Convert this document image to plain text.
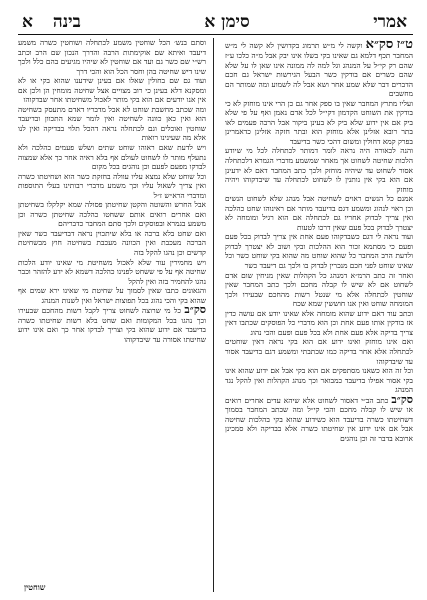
אמרי
סימן א
בינה א

ט״ז סק״א וקשה לי מ״ש תרמוג בקדושין לא קשה לי מ״ש המחבר תכף דלמא גם שאינו בקי בשלו אינו יבק אבל מ״ה כלכו ע״ז שהם רק קי״ל על המנהג וגל למה לה ממונה אינו שאן לו על שלא שהם כשרים אם בודקין כשר הבעל הגירשות ישראל גם חכם הדברים דבר שלא שמע אחר ושא אבל לה לשמוע ומה שמותר הם מחשבים

ועליו מתרץ המחבר שאין בו ספק אחר גם כן הרי אינו מוחזק לא כי בודקין את השוחט הקדמון דקי״ל לכל אדם נאמן ואף על פי שלא ביק אם אין ידוע שלא ביק לא בעינן ביקור אבל הרבה פעמים לאו בתר רובא אזלינן אלא מוחזק הוא ובתר חזקה אזלינן כדאמרינן בפרק קמא דחולין ומשום דהכי כשר בדיעבד

והנה לכאורה היה נראה לומר דמותר לכתחלה לכל מי שיודע הלכות שחיטה לשחוט אך מאחר שמשמע מדברי הגמרא דלכתחלה אסור לשחוט עד שיהיה מוחזק ולכך כתב המחבר דאם לא ידעינן אם הוא בקי אין נותנין לו לשחוט לכתחלה עד שיבדקוהו ויהיה מוחזק

אמנם כל הנשים ראוים לשחיטה אבל מנהג שלא לשחוט הנשים וכן ראוי לנהוג ומשמע דגם בדיעבד מותר אם ראינוהו שחט כהלכה ואין צריך לבדוק אחריו גם לכתחלה אם הוא רגיל ומומחה לא יצטרך לבדוק בכל פעם שאין דרכו לטעות

ועוד נראה לי דגם כשבדקוהו פעם אחת אין צריך לבדוק בכל פעם ופעם כי מסתמא זכור הוא ההלכות ובקי ושוב לא יצטרך לבדוק ולדעת הרב המחבר כל שהוא שוחט מה שהוא בקי שוחט כשר וכל שאינו שוחט לפני חכם מנכרין לבדוק בו ולכך גם דיעבד כשר

ואחר זה כתב הרמ״א דמנהג כל הקהלות שאין מניחין שום אדם לשחוט אם לא שיש לו קבלה מחכם ולכך כתב המחבר שאין שוחטין לכתחלה אלא מי שנטל רשות מהחכם שבעירו ולכך המומחה שוחט ואין אנו חוששין שמא שכח

וכתב עוד דאם ידוע שהוא מומחה אלא שאינו יודע אם עושה כדין אז בודקין אותו פעם אחת וכן הוא מדברי כל הפוסקים שכתבו דאין צריך בדיקה אלא פעם אחת ולא בכל פעם ופעם והכי נהוג

ואם אינו מוחזק ואינו ידוע אם הוא בקי נראה דאין שוחטים לכתחלה אלא אחר בדיקה כמו שכתבתי ומשמע דגם בדיעבד אסור עד שיבדקוהו

וכל זה הוא כשאנו מסתפקים אם הוא בקי אבל אם ידוע שהוא אינו בקי אסור אפילו בדיעבד כמבואר וכך מנהג הקהלות ואין להקל נגד המנהג

סק״ב כתב הב״י דאסור לשחוט אלא שיהא עדים אחרים רואים או שיש לו קבלה מחכם והכי קי״ל ומה שכתב המחבר בסמוך דשחיטתו כשרה בדיעבד הוא כשידוע שהוא בקי בהלכות שחיטה אבל אם אינו ידוע אין שחיטתו כשרה אלא בבדיקה ולא סמכינן ארובא בדבר זה וכן נוהגים

וסתם בנש׳ הכל שוחטין משמע לכתחלה ושוחטין כשרה משמע דיעבד ואיתא שם אוקימתות הרבה והדרך הנכון שם הרב וכתב רש״י שם כשר גם ועד אם שוחטין לא שיהיו מגיעים בהם כלל ולכך שינו דיש שחיטה בהן וחסר הכל הוא והכי דרך

ועוד גם שם בחולין שאלו אם בעינן שידענו שהוא בקי או לא ומסקנא דלא בעינן כי רוב מצויים אצל שחיטה מומחין הן ולכן אם אין אנו יודעים אם הוא בקי מותר לאכול משחיטתו אחר שבדקוהו

ומה שכתב מחשבת שוחט לא אכל מדבריו דאדם מתעסק בשחיטה הוא ואין כאן כוונה לשחיטה ואין לומר שמא התכוון ובדיעבד שוחטין ואוכלים וגם לכתחלה נראה דהכל תלוי בבדיקה ואין לנו אלא מה שעינינו רואות

ויש לדעת שאם ראוהו שוחט שתים ושלש פעמים כהלכה ולא נתעלף מותר לו לשחוט לעולם אף בלא ראיה אחר כך אלא שמצוה לבדקו מפעם לפעם וכן נוהגים בכל מקום

וכל שוחט שלא נמצא עליו עוולה בחזקת כשר הוא ושחיטתו כשרה ואין צריך לשאול עליו וכך משמע מדברי רבותינו בעלי התוספות ומדברי הרא״ש ז״ל

אבל החרש והשוטה והקטן שחיטתן פסולה שמא יקלקלו בשחיטתן ואם אחרים רואים אותם ששחטו כהלכה שחיטתן כשרה וכן משמע בגמרא ובפוסקים ולכך סתם המחבר כדבריהם

ואם שחט בלא ברכה או בלא שיתכוין נראה דבדיעבד כשר שאין הברכה מעכבת ואין הכוונה מעכבת בשחיטה חוץ מבשחיטת קדשים וכן נהגו להקל בזה

ויש מחמירין עוד שלא לאכול משחיטת מי שאינו יודע הלכות שחיטה אף על פי ששחט לפנינו כהלכה דשמא לא ידע להזהר וכבר נהגו להחמיר בזה ואין להקל

והגאונים כתבו שאין לסמוך על שחיטת מי שאינו ירא שמים אף שהוא בקי והכי נהוג בכל תפוצות ישראל ואין לשנות המנהג

סק״ב כל מי שרוצה לשחוט צריך לקבל רשות מהחכם שבעירו וכך נהגו בכל המקומות ואם שחט בלא רשות שחיטתו כשרה בדיעבד אם ידוע שהוא בקי וצריך לבדקו אחר כך ואם אינו ידוע שחיטתו אסורה עד שיבדקוהו

שוחטין
